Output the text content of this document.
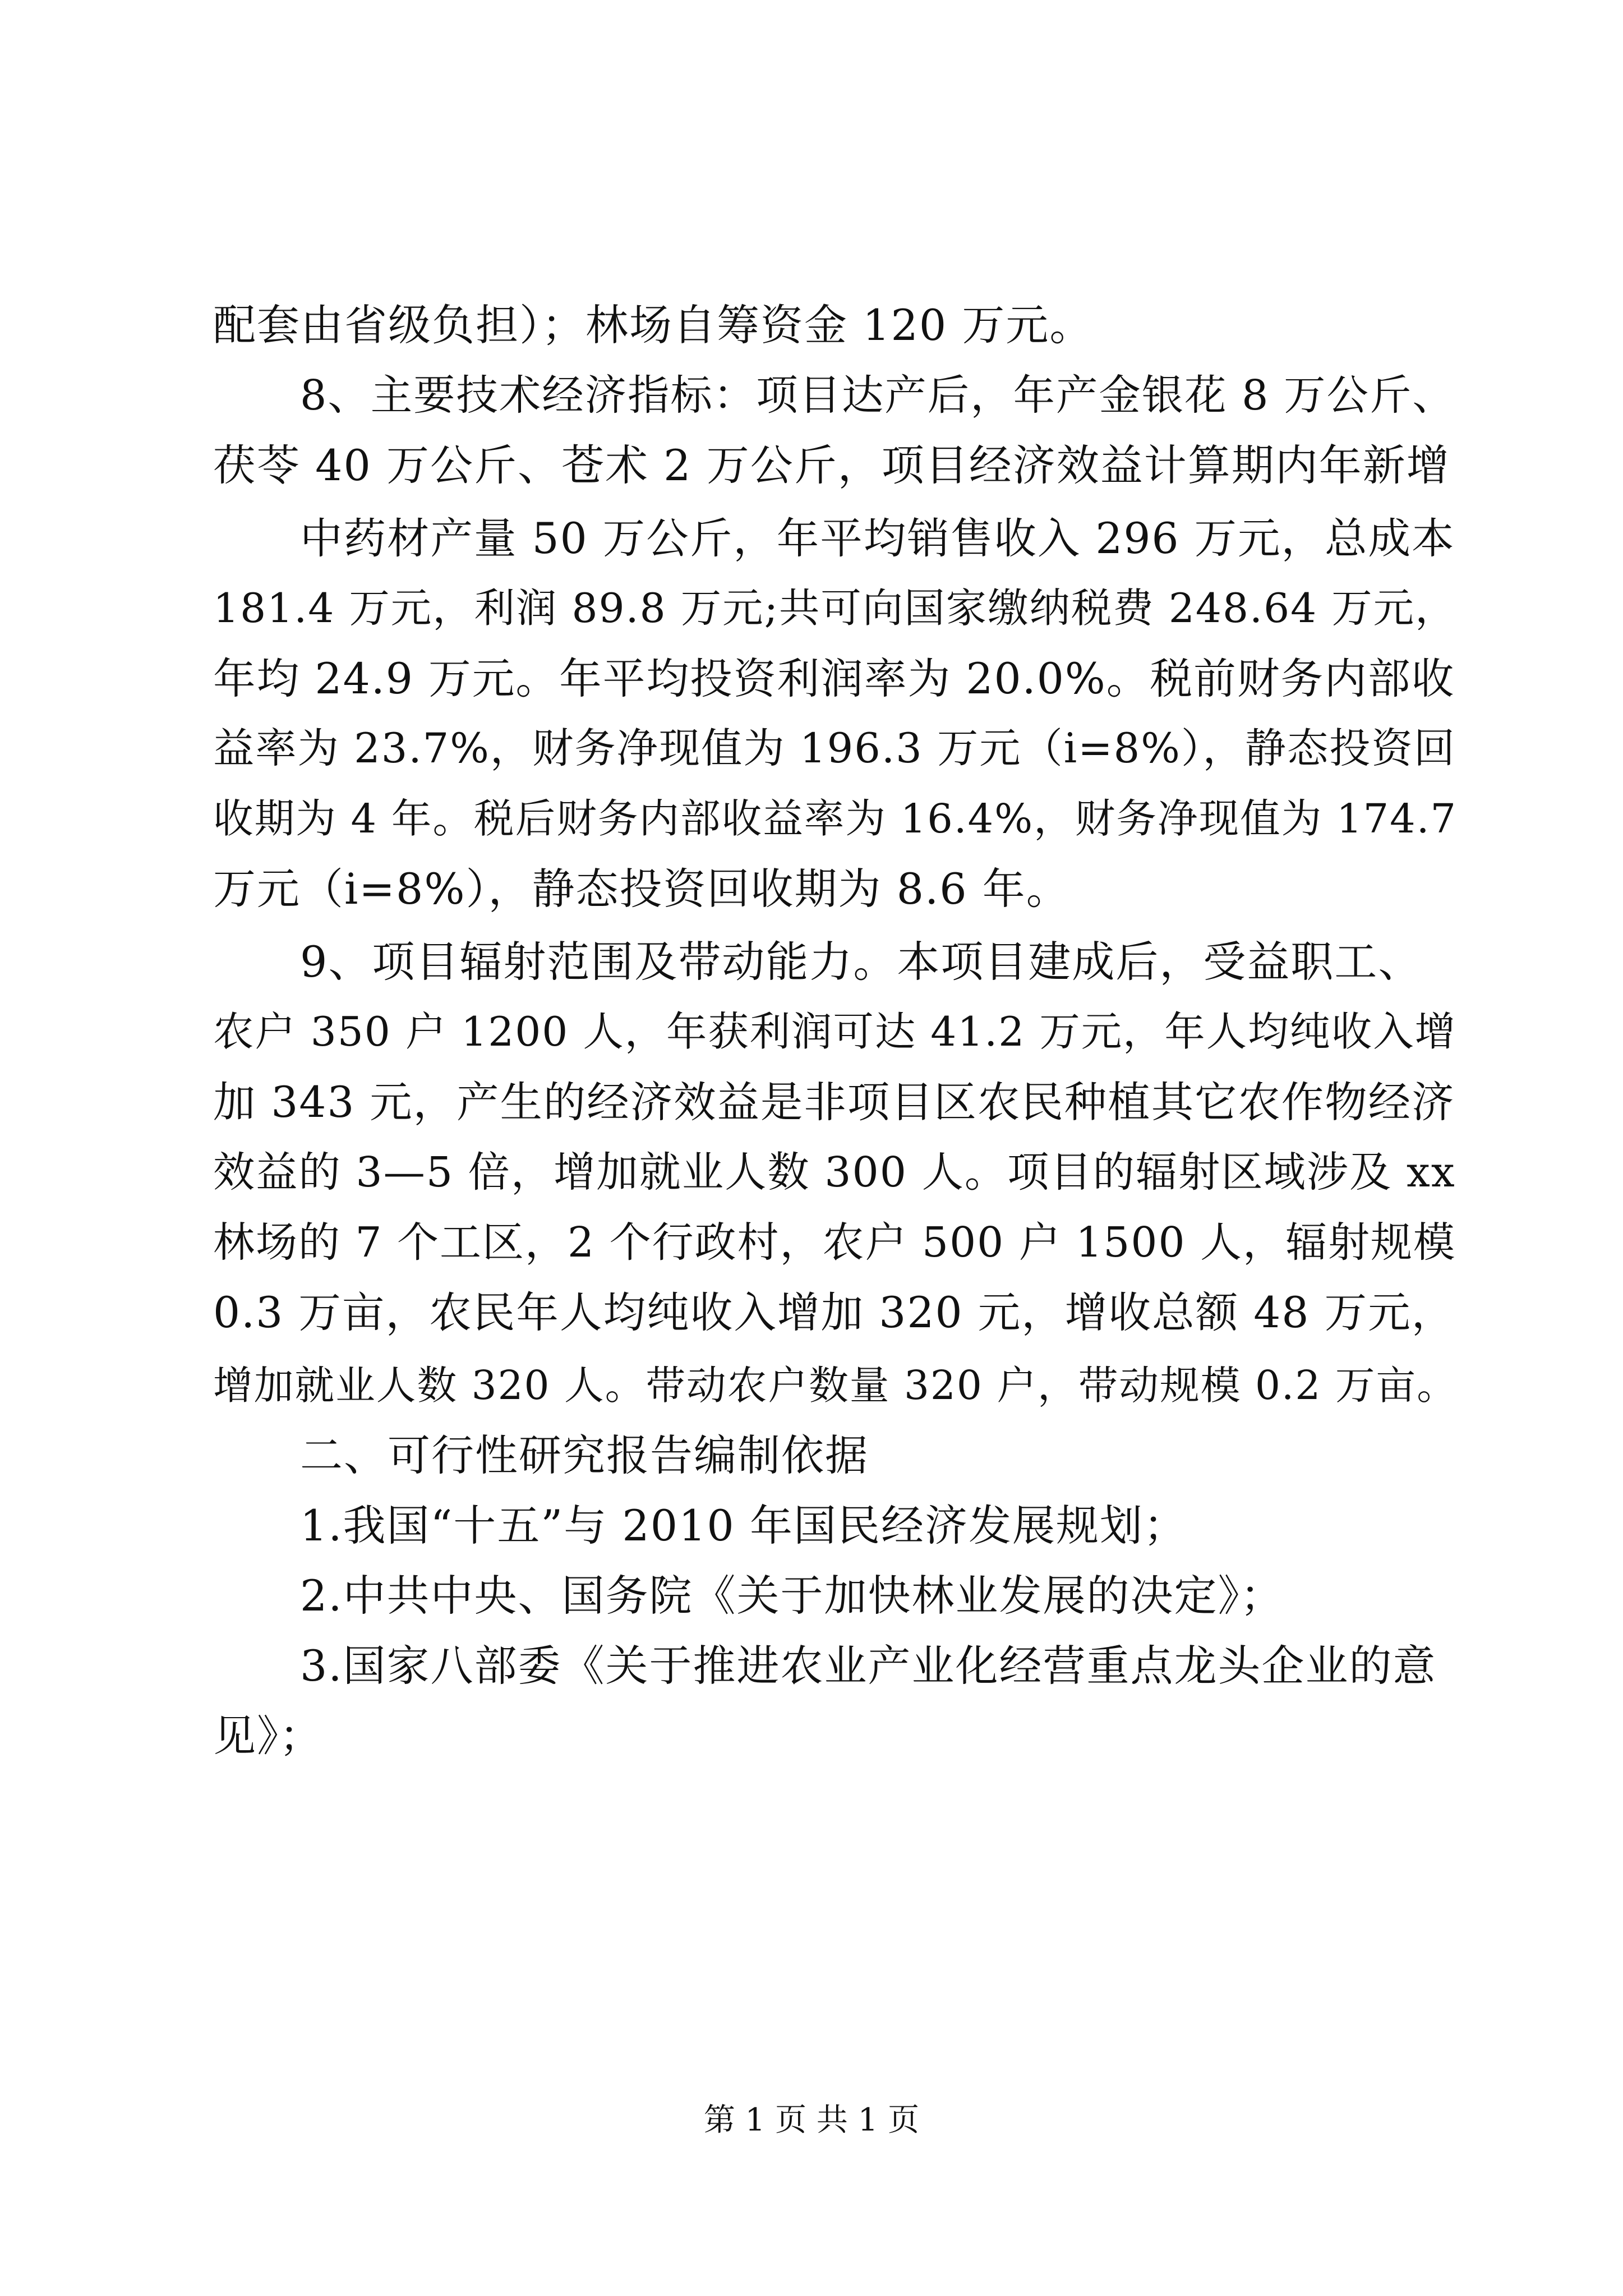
配套由省级负担）；林场自筹资金 120 万元。
8、主要技术经济指标：项目达产后，年产金银花 8 万公斤、
茯苓 40 万公斤、苍术 2 万公斤，项目经济效益计算期内年新增
中药材产量 50 万公斤，年平均销售收入 296 万元，总成本
181.4 万元，利润 89.8 万元;共可向国家缴纳税费 248.64 万元，
年均 24.9 万元。年平均投资利润率为 20.0%。税前财务内部收
益率为 23.7%，财务净现值为 196.3 万元（i=8%），静态投资回
收期为 4 年。税后财务内部收益率为 16.4%，财务净现值为 174.7
万元（i=8%），静态投资回收期为 8.6 年。
9、项目辐射范围及带动能力。本项目建成后，受益职工、
农户 350 户 1200 人，年获利润可达 41.2 万元，年人均纯收入增
加 343 元，产生的经济效益是非项目区农民种植其它农作物经济
效益的 3—5 倍，增加就业人数 300 人。项目的辐射区域涉及 xx
林场的 7 个工区，2 个行政村，农户 500 户 1500 人，辐射规模
0.3 万亩，农民年人均纯收入增加 320 元，增收总额 48 万元，
增加就业人数 320 人。带动农户数量 320 户，带动规模 0.2 万亩。
二、可行性研究报告编制依据
1.我国“十五”与 2010 年国民经济发展规划；
2.中共中央、国务院《关于加快林业发展的决定》；
3.国家八部委《关于推进农业产业化经营重点龙头企业的意
见》；
第 1 页 共 1 页
